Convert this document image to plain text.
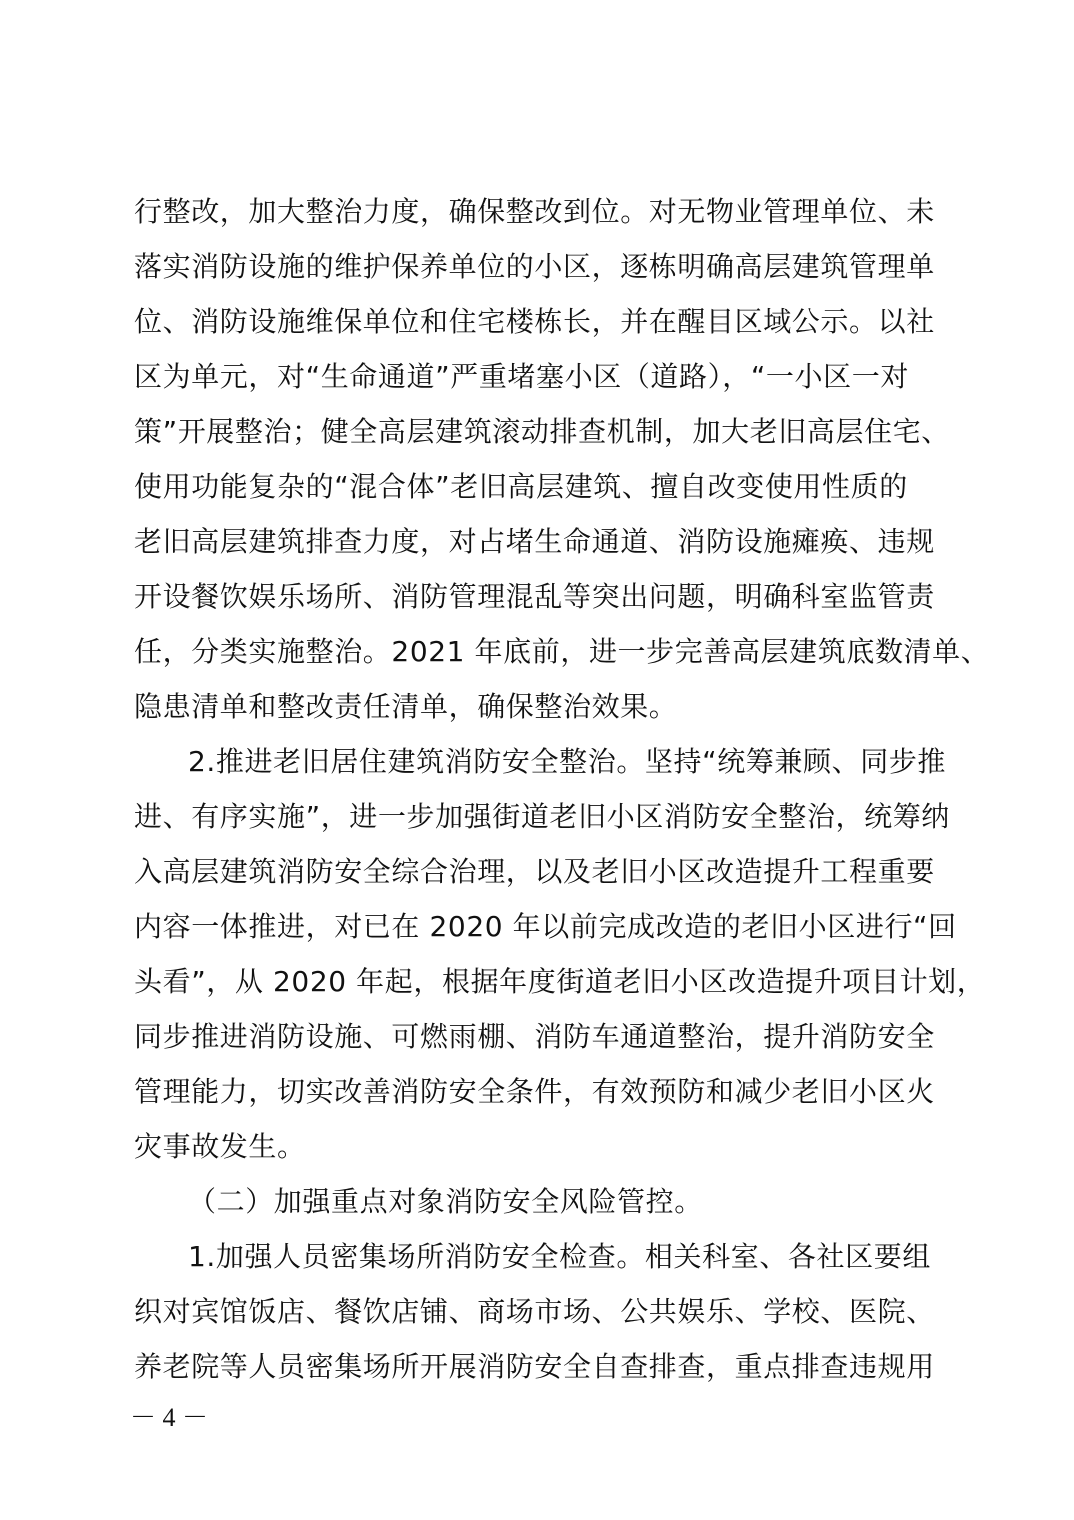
行整改，加大整治力度，确保整改到位。对无物业管理单位、未
落实消防设施的维护保养单位的小区，逐栋明确高层建筑管理单
位、消防设施维保单位和住宅楼栋长，并在醒目区域公示。以社
区为单元，对“生命通道”严重堵塞小区（道路），“一小区一对
策”开展整治；健全高层建筑滚动排查机制，加大老旧高层住宅、
使用功能复杂的“混合体”老旧高层建筑、擅自改变使用性质的
老旧高层建筑排查力度，对占堵生命通道、消防设施瘫痪、违规
开设餐饮娱乐场所、消防管理混乱等突出问题，明确科室监管责
任，分类实施整治。2021 年底前，进一步完善高层建筑底数清单、
隐患清单和整改责任清单，确保整治效果。
2.推进老旧居住建筑消防安全整治。坚持“统筹兼顾、同步推
进、有序实施”，进一步加强街道老旧小区消防安全整治，统筹纳
入高层建筑消防安全综合治理，以及老旧小区改造提升工程重要
内容一体推进，对已在 2020 年以前完成改造的老旧小区进行“回
头看”，从 2020 年起，根据年度街道老旧小区改造提升项目计划，
同步推进消防设施、可燃雨棚、消防车通道整治，提升消防安全
管理能力，切实改善消防安全条件，有效预防和减少老旧小区火
灾事故发生。
（二）加强重点对象消防安全风险管控。
1.加强人员密集场所消防安全检查。相关科室、各社区要组
织对宾馆饭店、餐饮店铺、商场市场、公共娱乐、学校、医院、
养老院等人员密集场所开展消防安全自查排查，重点排查违规用
－ 4 －
